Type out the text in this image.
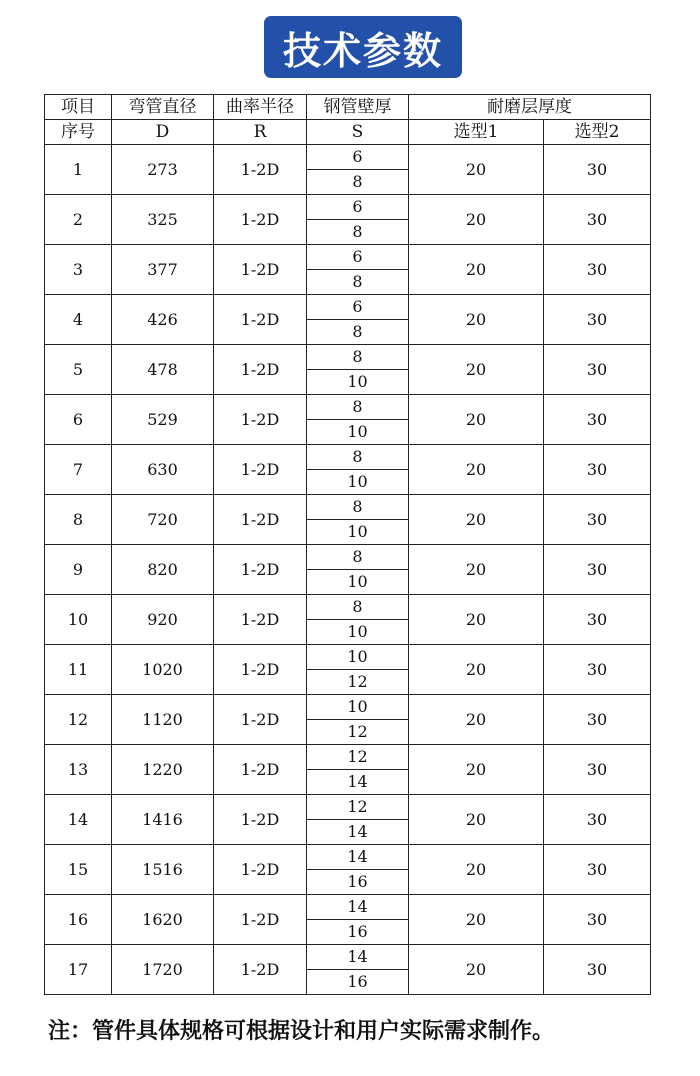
技术参数
项目	弯管直径	曲率半径	钢管壁厚	耐磨层厚度	
序号	D	R	S	选型1	选型2
1	273	1-2D	6	20	30
			8		
2	325	1-2D	6	20	30
			8		
3	377	1-2D	6	20	30
			8		
4	426	1-2D	6	20	30
			8		
5	478	1-2D	8	20	30
			10		
6	529	1-2D	8	20	30
			10		
7	630	1-2D	8	20	30
			10		
8	720	1-2D	8	20	30
			10		
9	820	1-2D	8	20	30
			10		
10	920	1-2D	8	20	30
			10		
11	1020	1-2D	10	20	30
			12		
12	1120	1-2D	10	20	30
			12		
13	1220	1-2D	12	20	30
			14		
14	1416	1-2D	12	20	30
			14		
15	1516	1-2D	14	20	30
			16		
16	1620	1-2D	14	20	30
			16		
17	1720	1-2D	14	20	30
			16		
注：管件具体规格可根据设计和用户实际需求制作。
